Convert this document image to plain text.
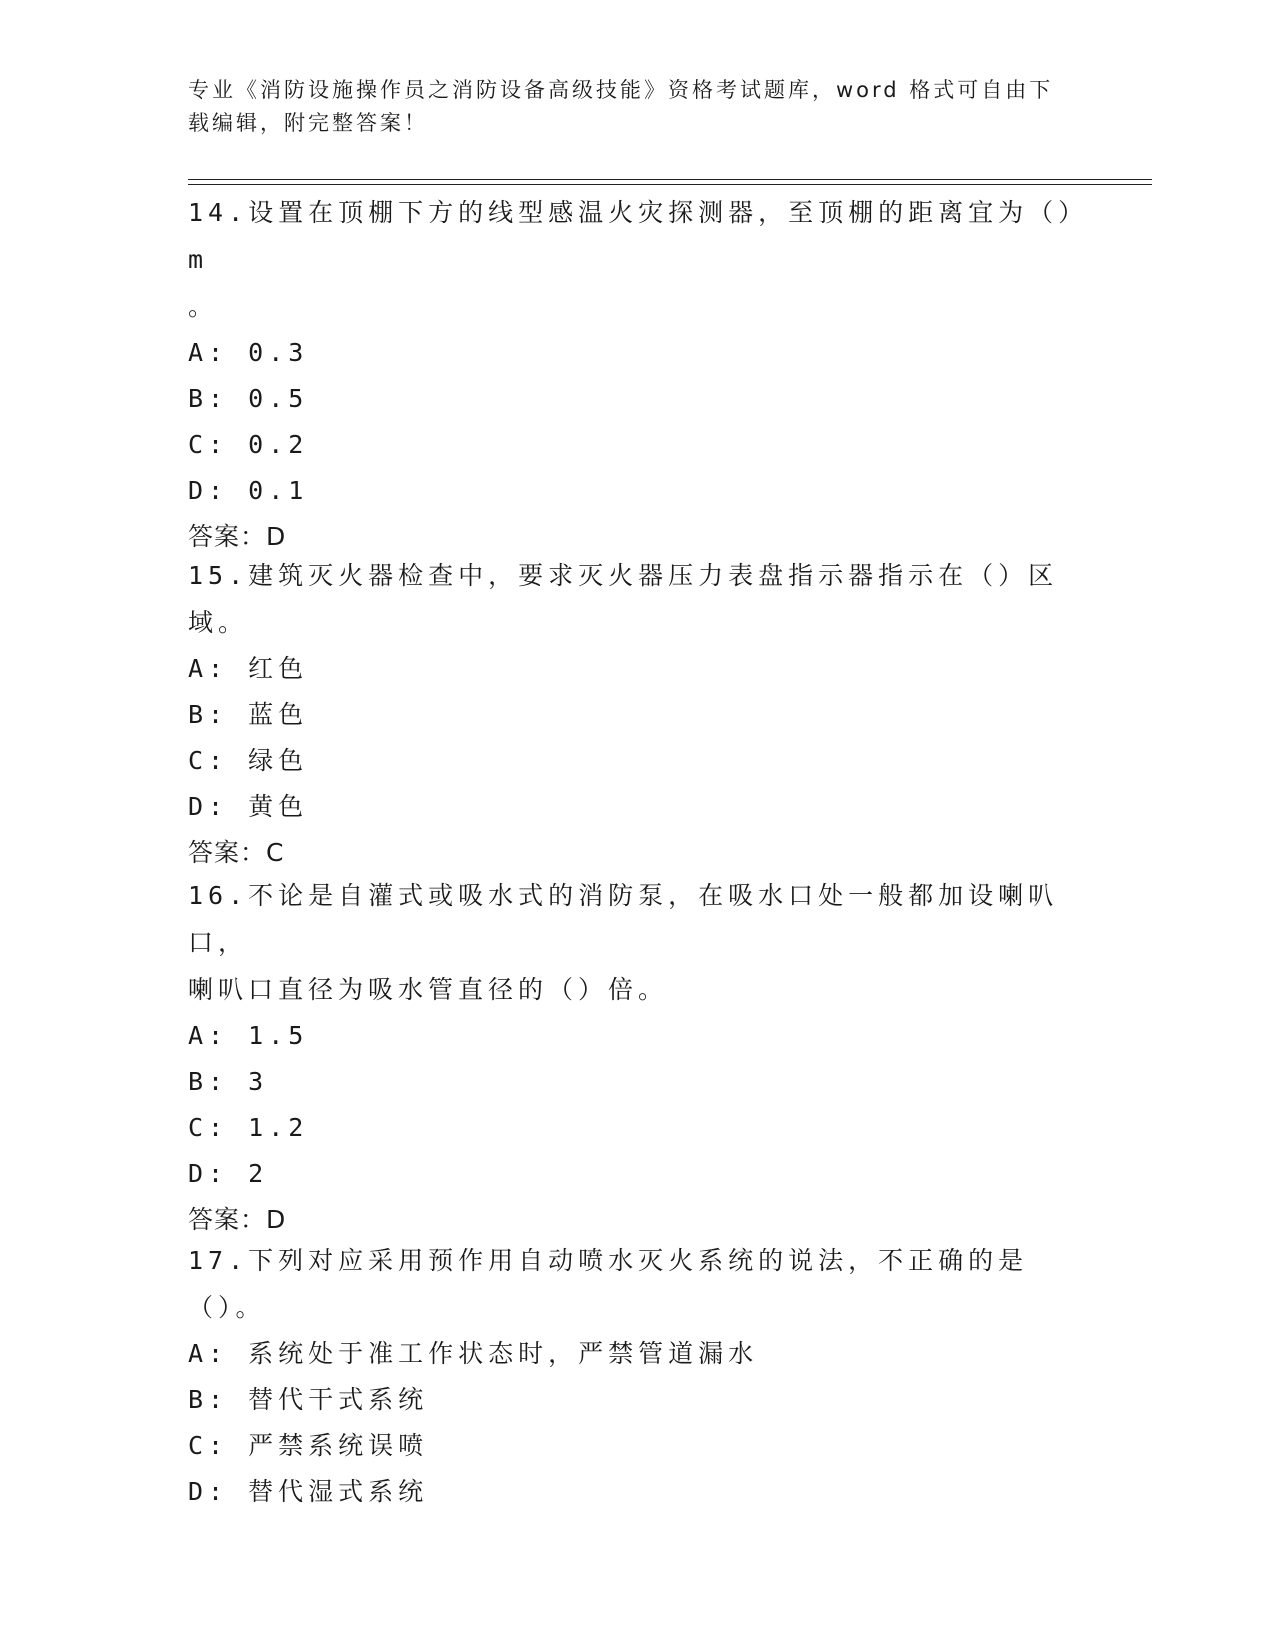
专业《消防设施操作员之消防设备高级技能》资格考试题库，word 格式可自由下
载编辑，附完整答案！

14.设置在顶棚下方的线型感温火灾探测器，至顶棚的距离宜为（）m

。

A: 0.3

B: 0.5

C: 0.2

D: 0.1

答案：D

15.建筑灭火器检查中，要求灭火器压力表盘指示器指示在（）区域。

A: 红色

B: 蓝色

C: 绿色

D: 黄色

答案：C

16.不论是自灌式或吸水式的消防泵，在吸水口处一般都加设喇叭口，

喇叭口直径为吸水管直径的（）倍。

A: 1.5

B: 3

C: 1.2

D: 2

答案：D

17.下列对应采用预作用自动喷水灭火系统的说法，不正确的是（）。

A: 系统处于准工作状态时，严禁管道漏水

B: 替代干式系统

C: 严禁系统误喷

D: 替代湿式系统
